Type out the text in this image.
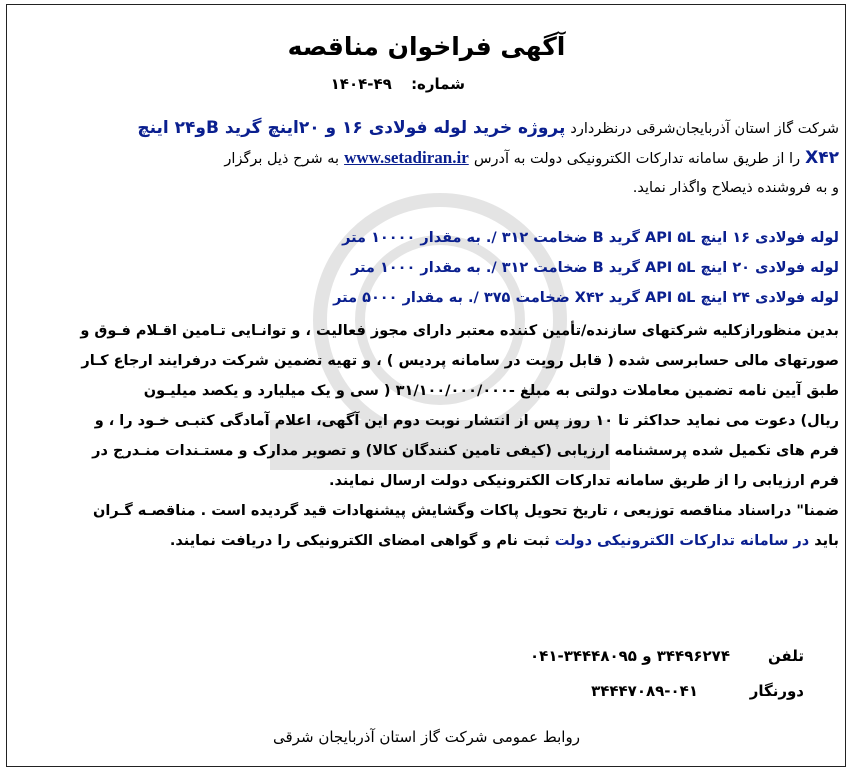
آگهی فراخوان مناقصه
شماره: ۴۹-۱۴۰۴
شرکت گاز استان آذربایجان‌شرقی درنظردارد پروژه خرید لوله فولادی ۱۶ و ۲۰اینچ گرید Bو۲۴ اینچ
X۴۲ را از طریق سامانه تدارکات الکترونیکی دولت به آدرس www.setadiran.ir به شرح ذیل برگزار
و به فروشنده ذیصلاح واگذار نماید.
لوله فولادی ۱۶ اینچ API ۵L گرید B ضخامت ۳۱۲ /. به مقدار ۱۰۰۰۰ متر
لوله فولادی ۲۰ اینچ API ۵L گرید B ضخامت ۳۱۲ /. به مقدار ۱۰۰۰ متر
لوله فولادی ۲۴ اینچ API ۵L گرید X۴۲ ضخامت ۳۷۵ /. به مقدار ۵۰۰۰ متر
بدین منظورازکلیه شرکتهای سازنده/تأمین کننده معتبر دارای مجوز فعالیت ، و توانـایی تـامین اقـلام فـوق و
صورتهای مالی حسابرسی شده ( قابل رویت در سامانه پردیس ) ، و تهیه تضمین شرکت درفرایند ارجاع کـار
طبق آیین نامه تضمین معاملات دولتی به مبلغ -۳۱/۱۰۰/۰۰۰/۰۰۰ ( سی و یک میلیارد و یکصد میلیـون
ریال) دعوت می نماید حداکثر تا ۱۰ روز پس از انتشار نوبت دوم این آگهی، اعلام آمادگی کتبـی خـود را ، و
فرم های تکمیل شده پرسشنامه ارزیابی (کیفی تامین کنندگان کالا) و تصویر مدارک و مستـندات منـدرج در
فرم ارزیابی را از طریق سامانه تدارکات الکترونیکی دولت ارسال نمایند.
ضمنا" دراسناد مناقصه توزیعی ، تاریخ تحویل پاکات وگشایش پیشنهادات قید گردیده است . مناقصـه گـران
باید در سامانه تدارکات الکترونیکی دولت ثبت نام و گواهی امضای الکترونیکی را دریافت نمایند.
تلفن
۳۴۴۹۶۲۷۴ و ۳۴۴۴۸۰۹۵-۰۴۱
دورنگار
۳۴۴۴۷۰۸۹-۰۴۱
روابط عمومی شرکت گاز استان آذربایجان شرقی
